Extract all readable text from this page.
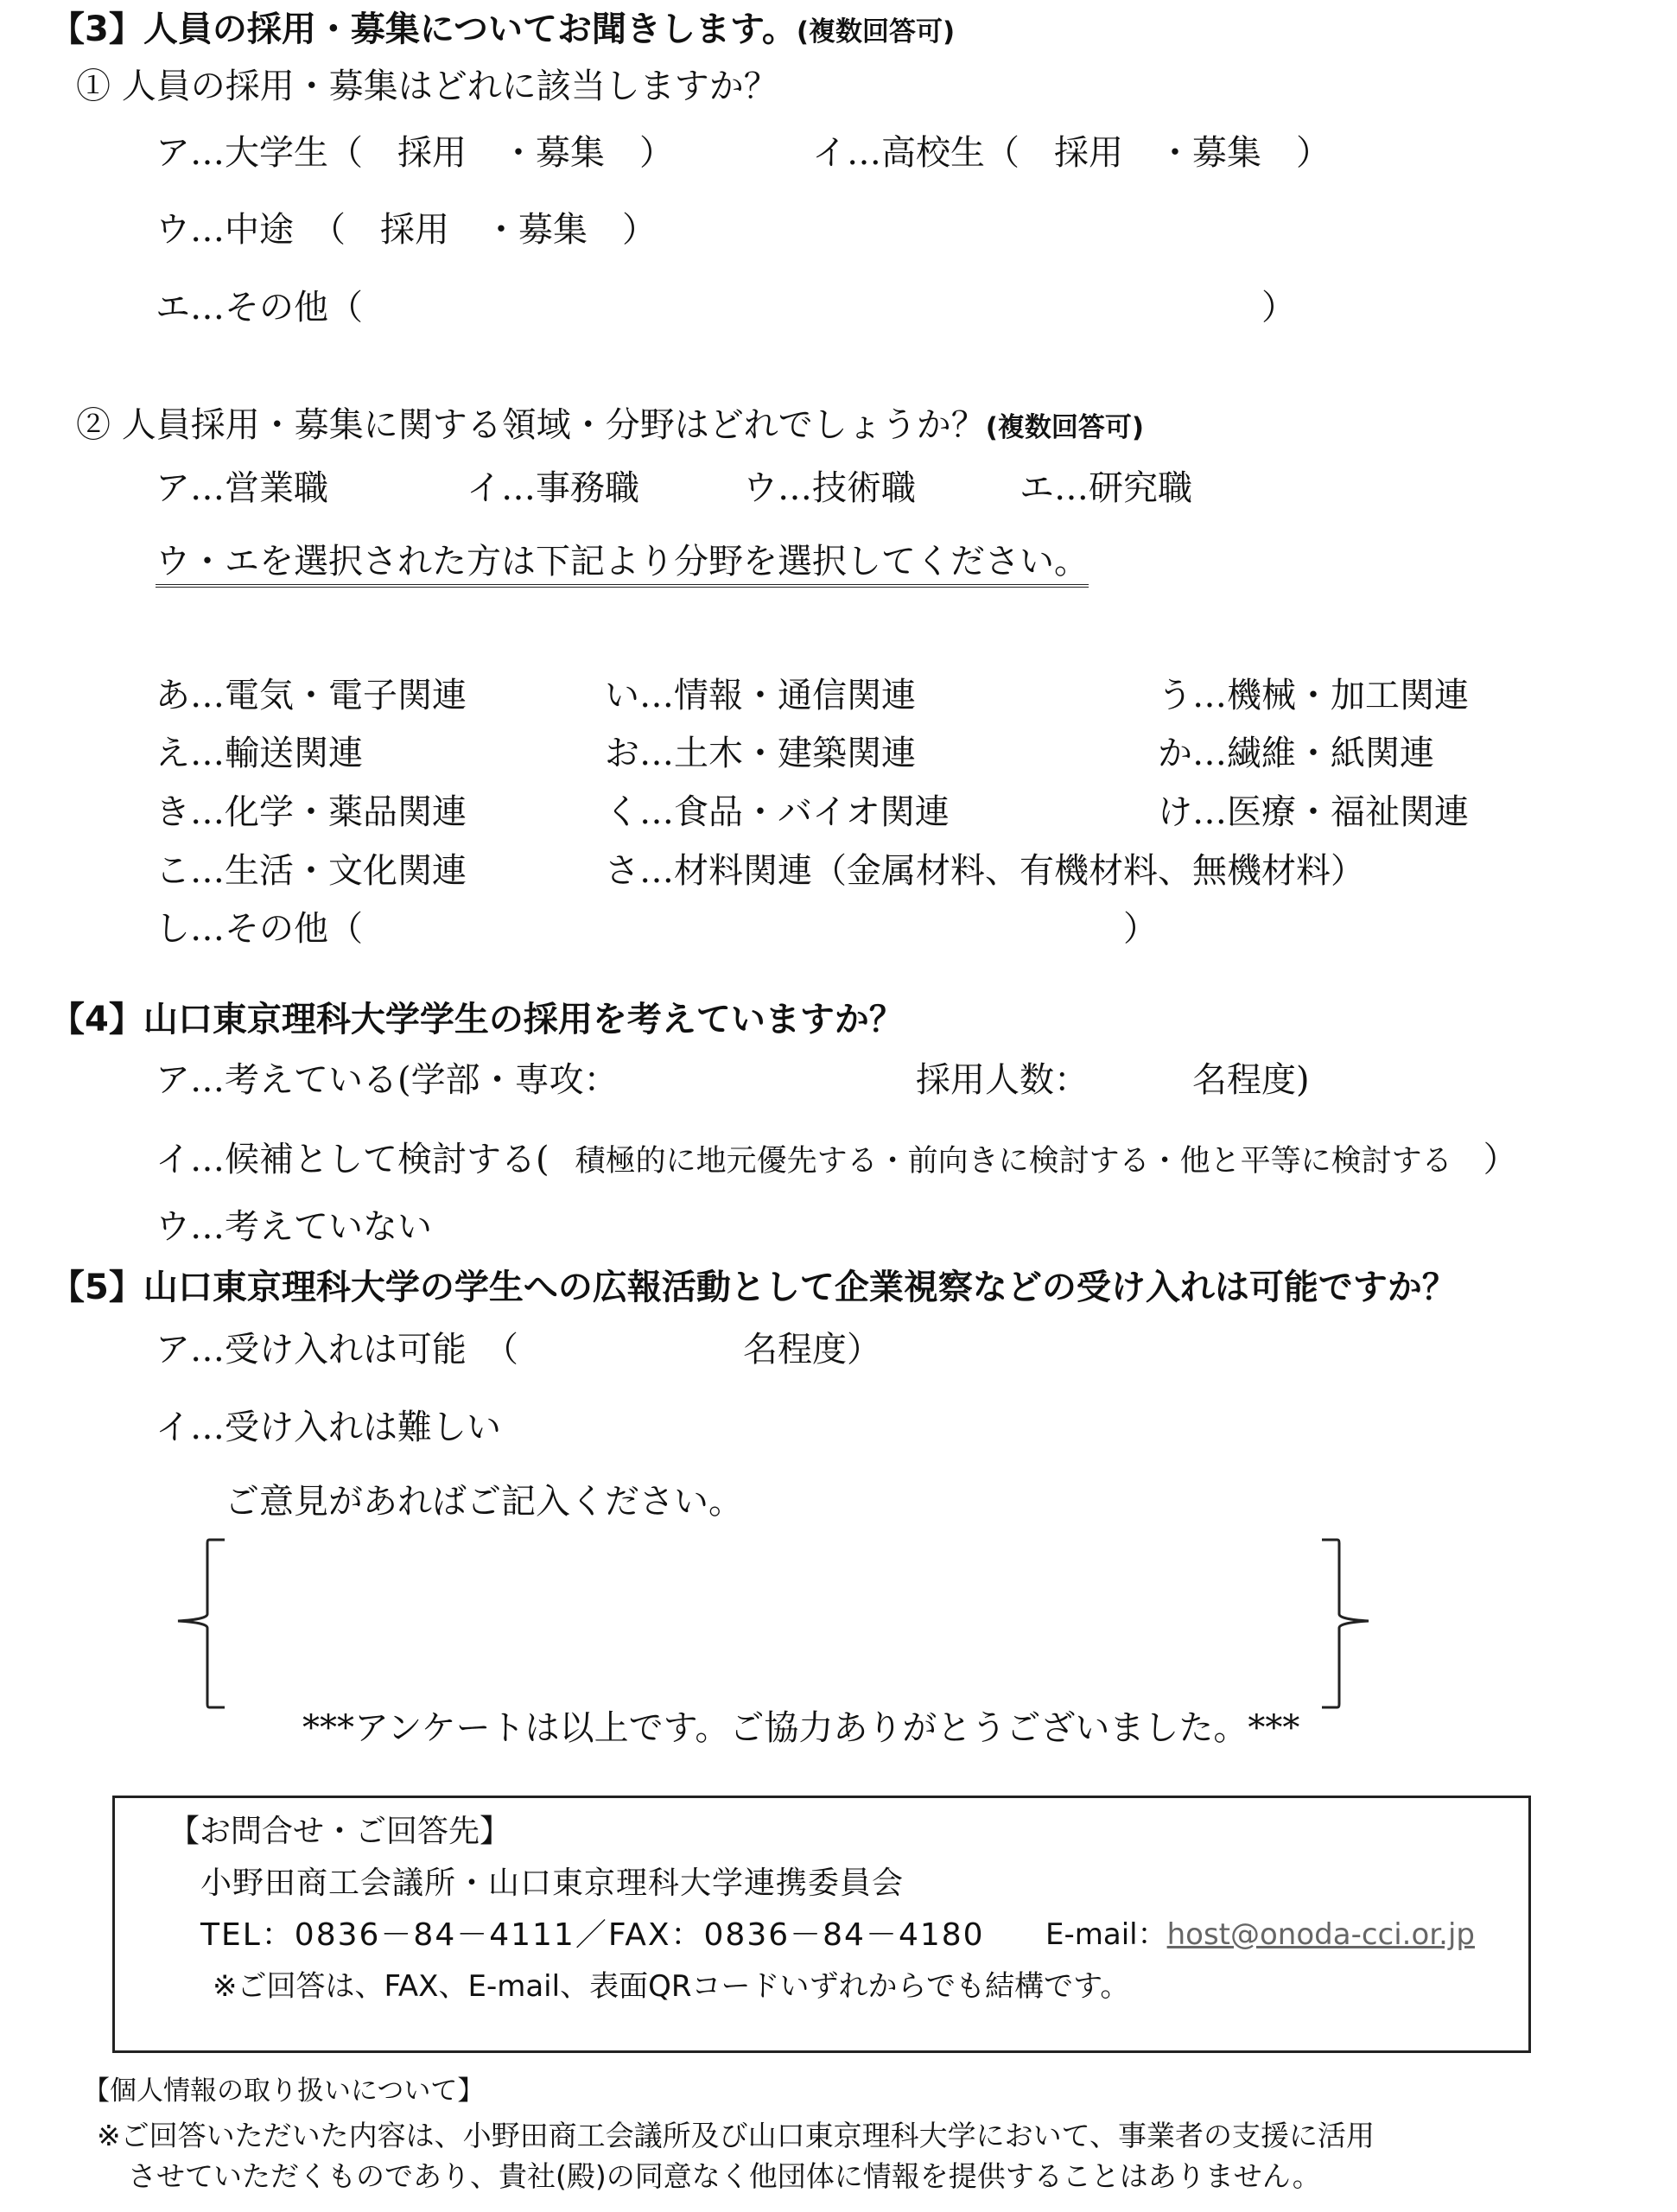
【3】人員の採用・募集についてお聞きします。(複数回答可)
① 人員の採用・募集はどれに該当しますか？
ア…大学生（　採用　・募集　）	イ…高校生（　採用　・募集　）
ウ…中途　（　採用　・募集　）
エ…その他（	）
② 人員採用・募集に関する領域・分野はどれでしょうか？(複数回答可)
ア…営業職	イ…事務職	ウ…技術職	エ…研究職
ウ・エを選択された方は下記より分野を選択してください。
あ…電気・電子関連	い…情報・通信関連	う…機械・加工関連
え…輸送関連	お…土木・建築関連	か…繊維・紙関連
き…化学・薬品関連	く…食品・バイオ関連	け…医療・福祉関連
こ…生活・文化関連	さ…材料関連（金属材料、有機材料、無機材料）
し…その他（	）
【4】山口東京理科大学学生の採用を考えていますか？
ア…考えている(学部・専攻：	採用人数：	名程度)
イ…候補として検討する( 積極的に地元優先する・前向きに検討する・他と平等に検討する ）
ウ…考えていない
【5】山口東京理科大学の学生への広報活動として企業視察などの受け入れは可能ですか？
ア…受け入れは可能　（	名程度）
イ…受け入れは難しい
ご意見があればご記入ください。
***アンケートは以上です。ご協力ありがとうございました。***
【お問合せ・ご回答先】
小野田商工会議所・山口東京理科大学連携委員会
TEL：0836－84－4111／FAX：0836－84－4180 E-mail：host@onoda-cci.or.jp
※ご回答は、FAX、E-mail、表面QRコードいずれからでも結構です。
【個人情報の取り扱いについて】
※ご回答いただいた内容は、小野田商工会議所及び山口東京理科大学において、事業者の支援に活用
させていただくものであり、貴社(殿)の同意なく他団体に情報を提供することはありません。
